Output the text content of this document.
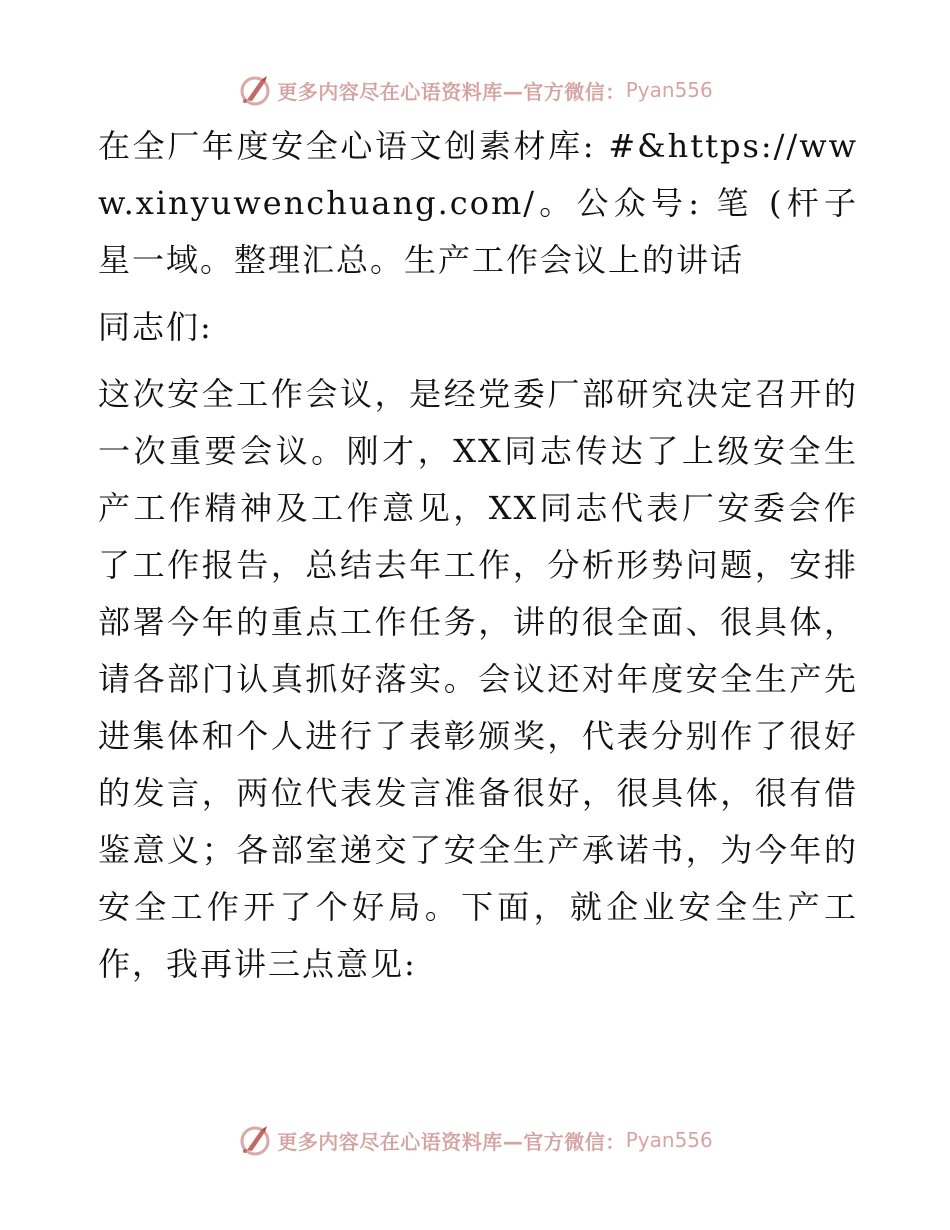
更多内容尽在心语资料库—官方微信： Pyan556

在全厂年度安全心语文创素材库: #&https://www.xinyuwenchuang.com/。公众号: 笔 (杆子星一域。整理汇总。生产工作会议上的讲话

同志们:

这次安全工作会议，是经党委厂部研究决定召开的一次重要会议。刚才，XX同志传达了上级安全生产工作精神及工作意见，XX同志代表厂安委会作了工作报告，总结去年工作，分析形势问题，安排部署今年的重点工作任务，讲的很全面、很具体，请各部门认真抓好落实。会议还对年度安全生产先进集体和个人进行了表彰颁奖，代表分别作了很好的发言，两位代表发言准备很好，很具体，很有借鉴意义；各部室递交了安全生产承诺书，为今年的安全工作开了个好局。下面，就企业安全生产工作，我再讲三点意见:

更多内容尽在心语资料库—官方微信： Pyan556
